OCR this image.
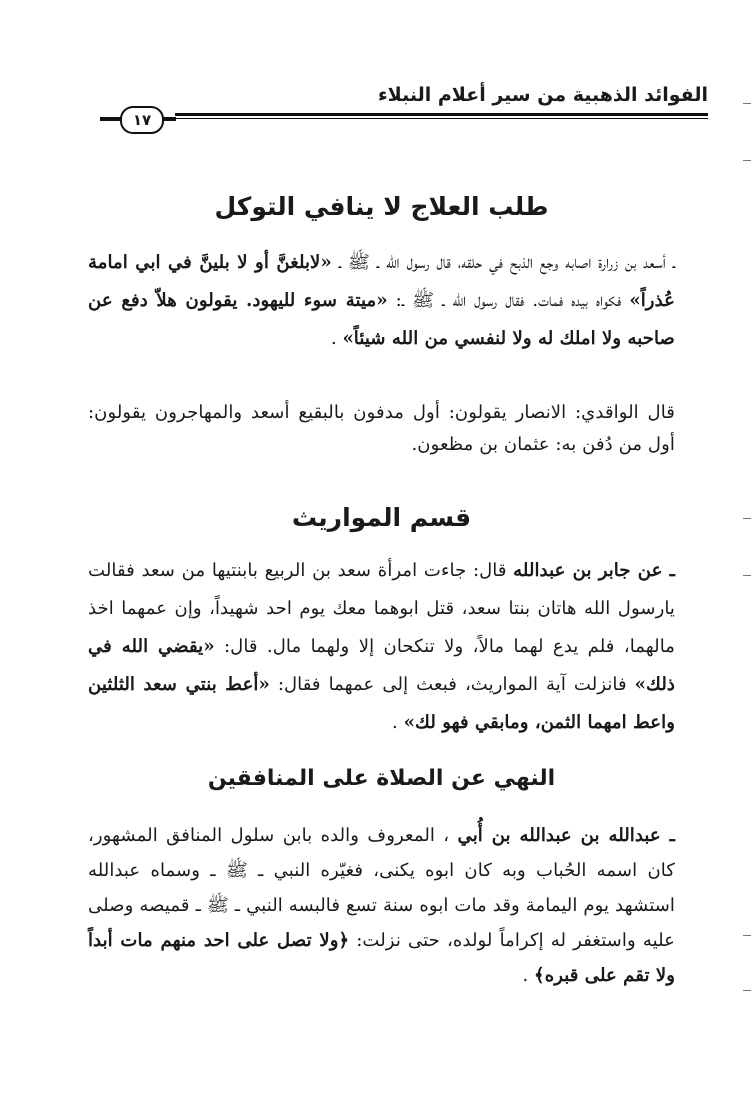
الفوائد الذهبية من سير أعلام النبلاء
١٧
طلب العلاج لا ينافي التوكل
ـ أسعد بن زرارة اصابه وجع الذبح في حلقه، قال رسول الله ـ ﷺ ـ «لابلغنَّ أو لا بلينَّ في ابي امامة عُذراً» فكواه بيده فمات. فقال رسول الله ـ ﷺ ـ: «ميتة سوء لليهود. يقولون هلاّ دفع عن صاحبه ولا املك له ولا لنفسي من الله شيئاً» .
قال الواقدي: الانصار يقولون: أول مدفون بالبقيع أسعد والمهاجرون يقولون: أول من دُفن به: عثمان بن مظعون.
قسم المواريث
ـ عن جابر بن عبدالله قال: جاءت امرأة سعد بن الربيع بابنتيها من سعد فقالت يارسول الله هاتان بنتا سعد، قتل ابوهما معك يوم احد شهيداً، وإن عمهما اخذ مالهما، فلم يدع لهما مالاً، ولا تنكحان إلا ولهما مال. قال: «يقضي الله في ذلك» فانزلت آية المواريث، فبعث إلى عمهما فقال: «أعط بنتي سعد الثلثين واعط امهما الثمن، ومابقي فهو لك» .
النهي عن الصلاة على المنافقين
ـ عبدالله بن عبدالله بن أُبي ، المعروف والده بابن سلول المنافق المشهور، كان اسمه الحُباب وبه كان ابوه يكنى، فغيّره النبي ـ ﷺ ـ وسماه عبدالله استشهد يوم اليمامة وقد مات ابوه سنة تسع فالبسه النبي ـ ﷺ ـ قميصه وصلى عليه واستغفر له إكراماً لولده، حتى نزلت: ﴿ولا تصل على احد منهم مات أبداً ولا تقم على قبره﴾ .
